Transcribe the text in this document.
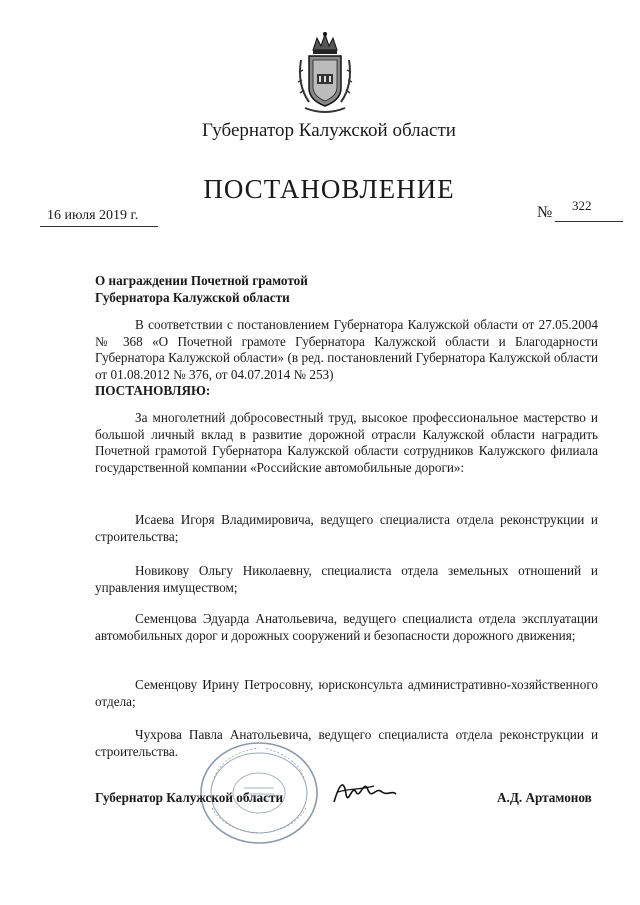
Губернатор Калужской области
ПОСТАНОВЛЕНИЕ
16 июля 2019 г.	№ 322
О награждении Почетной грамотой
Губернатора Калужской области
В соответствии с постановлением Губернатора Калужской области от 27.05.2004 № 368 «О Почетной грамоте Губернатора Калужской области и Благодарности Губернатора Калужской области» (в ред. постановлений Губернатора Калужской области от 01.08.2012 № 376, от 04.07.2014 № 253)
ПОСТАНОВЛЯЮ:
За многолетний добросовестный труд, высокое профессиональное мастерство и большой личный вклад в развитие дорожной отрасли Калужской области наградить Почетной грамотой Губернатора Калужской области сотрудников Калужского филиала государственной компании «Российские автомобильные дороги»:
Исаева Игоря Владимировича, ведущего специалиста отдела реконструкции и строительства;
Новикову Ольгу Николаевну, специалиста отдела земельных отношений и управления имуществом;
Семенцова Эдуарда Анатольевича, ведущего специалиста отдела эксплуатации автомобильных дорог и дорожных сооружений и безопасности дорожного движения;
Семенцову Ирину Петросовну, юрисконсульта административно-хозяйственного отдела;
Чухрова Павла Анатольевича, ведущего специалиста отдела реконструкции и строительства.
Губернатор Калужской области	А.Д. Артамонов
